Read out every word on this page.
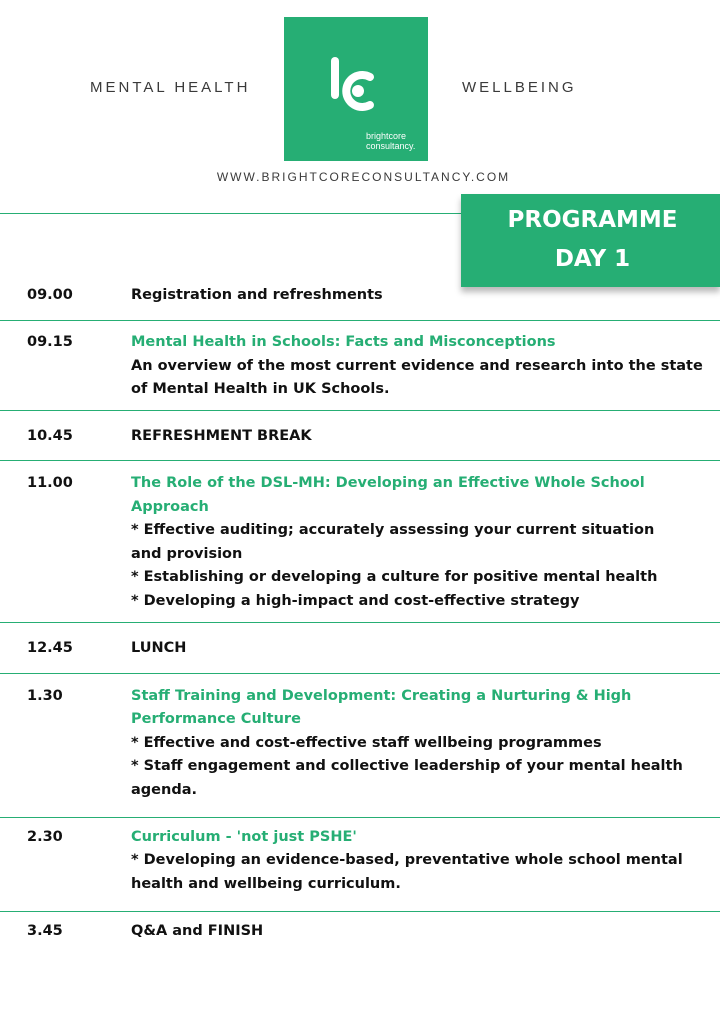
MENTAL HEALTH	WELLBEING
brightcore
consultancy.
WWW.BRIGHTCORECONSULTANCY.COM
PROGRAMME
DAY 1
09.00	Registration and refreshments
09.15	Mental Health in Schools: Facts and Misconceptions
An overview of the most current evidence and research into the state
of Mental Health in UK Schools.
10.45	REFRESHMENT BREAK
11.00	The Role of the DSL-MH: Developing an Effective Whole School
Approach
* Effective auditing; accurately assessing your current situation
and provision
* Establishing or developing a culture for positive mental health
* Developing a high-impact and cost-effective strategy
12.45	LUNCH
1.30	Staff Training and Development: Creating a Nurturing & High
Performance Culture
* Effective and cost-effective staff wellbeing programmes
* Staff engagement and collective leadership of your mental health
agenda.
2.30	Curriculum - 'not just PSHE'
* Developing an evidence-based, preventative whole school mental
health and wellbeing curriculum.
3.45	Q&A and FINISH
